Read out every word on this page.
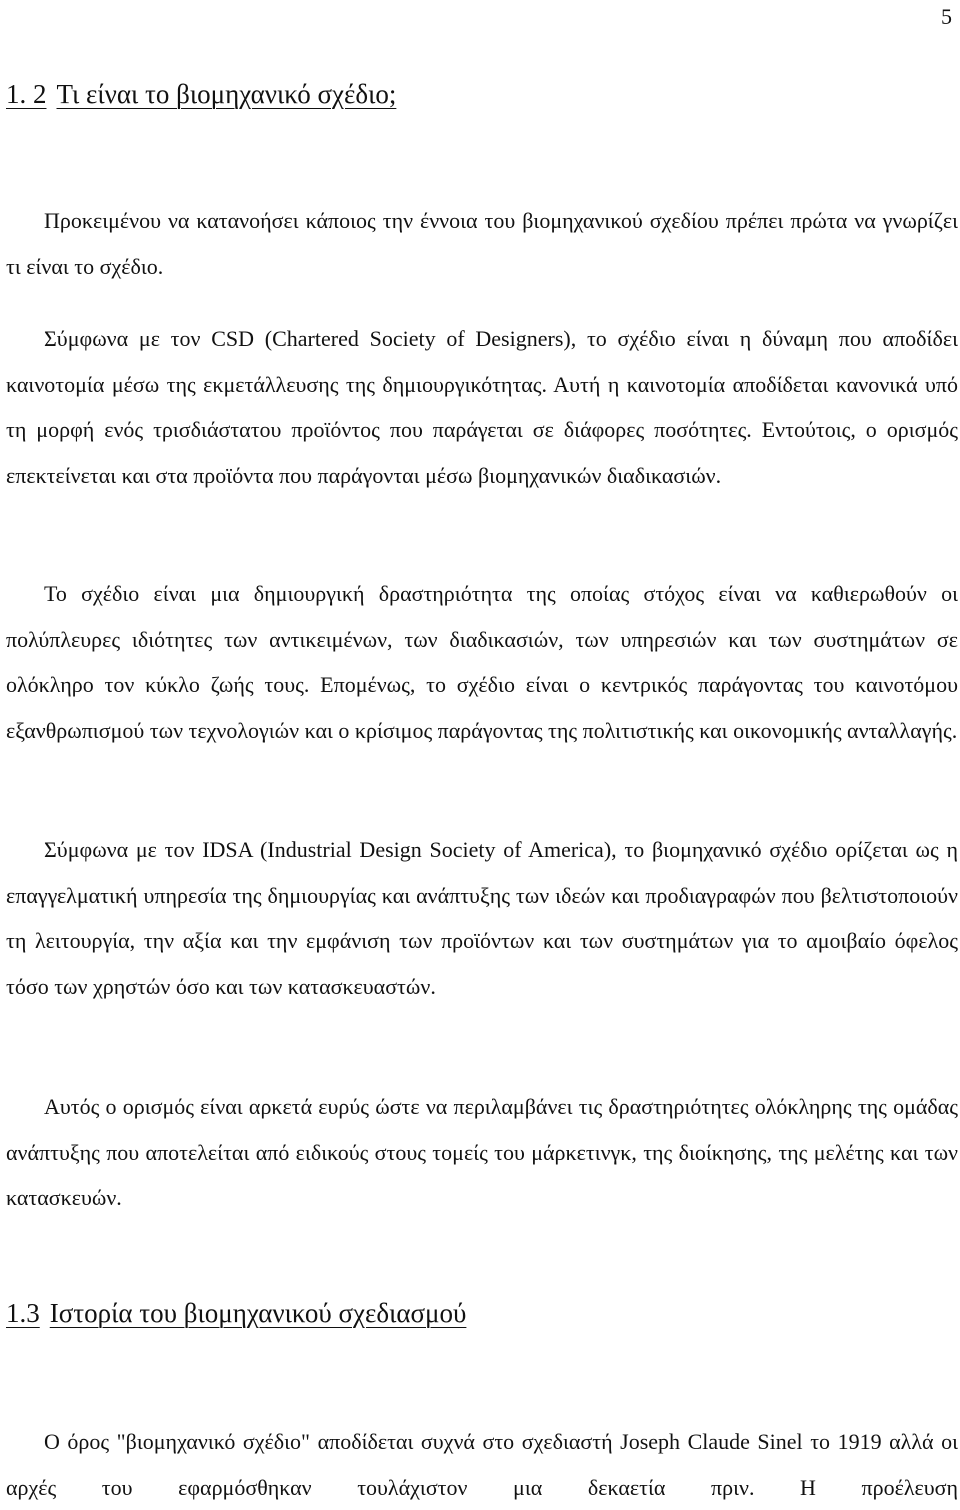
5
1. 2 Τι είναι το βιομηχανικό σχέδιο;

Προκειμένου να κατανοήσει κάποιος την έννοια του βιομηχανικού σχεδίου πρέπει πρώτα να γνωρίζει τι είναι το σχέδιο.

Σύμφωνα με τον CSD (Chartered Society of Designers), το σχέδιο είναι η δύναμη που αποδίδει καινοτομία μέσω της εκμετάλλευσης της δημιουργικότητας. Αυτή η καινοτομία αποδίδεται κανονικά υπό τη μορφή ενός τρισδιάστατου προϊόντος που παράγεται σε διάφορες ποσότητες. Εντούτοις, ο ορισμός επεκτείνεται και στα προϊόντα που παράγονται μέσω βιομηχανικών διαδικασιών.

Το σχέδιο είναι μια δημιουργική δραστηριότητα της οποίας στόχος είναι να καθιερωθούν οι πολύπλευρες ιδιότητες των αντικειμένων, των διαδικασιών, των υπηρεσιών και των συστημάτων σε ολόκληρο τον κύκλο ζωής τους. Επομένως, το σχέδιο είναι ο κεντρικός παράγοντας του καινοτόμου εξανθρωπισμού των τεχνολογιών και ο κρίσιμος παράγοντας της πολιτιστικής και οικονομικής ανταλλαγής.

Σύμφωνα με τον IDSA (Industrial Design Society of America), το βιομηχανικό σχέδιο ορίζεται ως η επαγγελματική υπηρεσία της δημιουργίας και ανάπτυξης των ιδεών και προδιαγραφών που βελτιστοποιούν τη λειτουργία, την αξία και την εμφάνιση των προϊόντων και των συστημάτων για το αμοιβαίο όφελος τόσο των χρηστών όσο και των κατασκευαστών.

Αυτός ο ορισμός είναι αρκετά ευρύς ώστε να περιλαμβάνει τις δραστηριότητες ολόκληρης της ομάδας ανάπτυξης που αποτελείται από ειδικούς στους τομείς του μάρκετινγκ, της διοίκησης, της μελέτης και των κατασκευών.

1.3 Ιστορία του βιομηχανικού σχεδιασμού

Ο όρος "βιομηχανικό σχέδιο" αποδίδεται συχνά στο σχεδιαστή Joseph Claude Sinel το 1919 αλλά οι αρχές του εφαρμόσθηκαν τουλάχιστον μια δεκαετία πριν. Η προέλευση
